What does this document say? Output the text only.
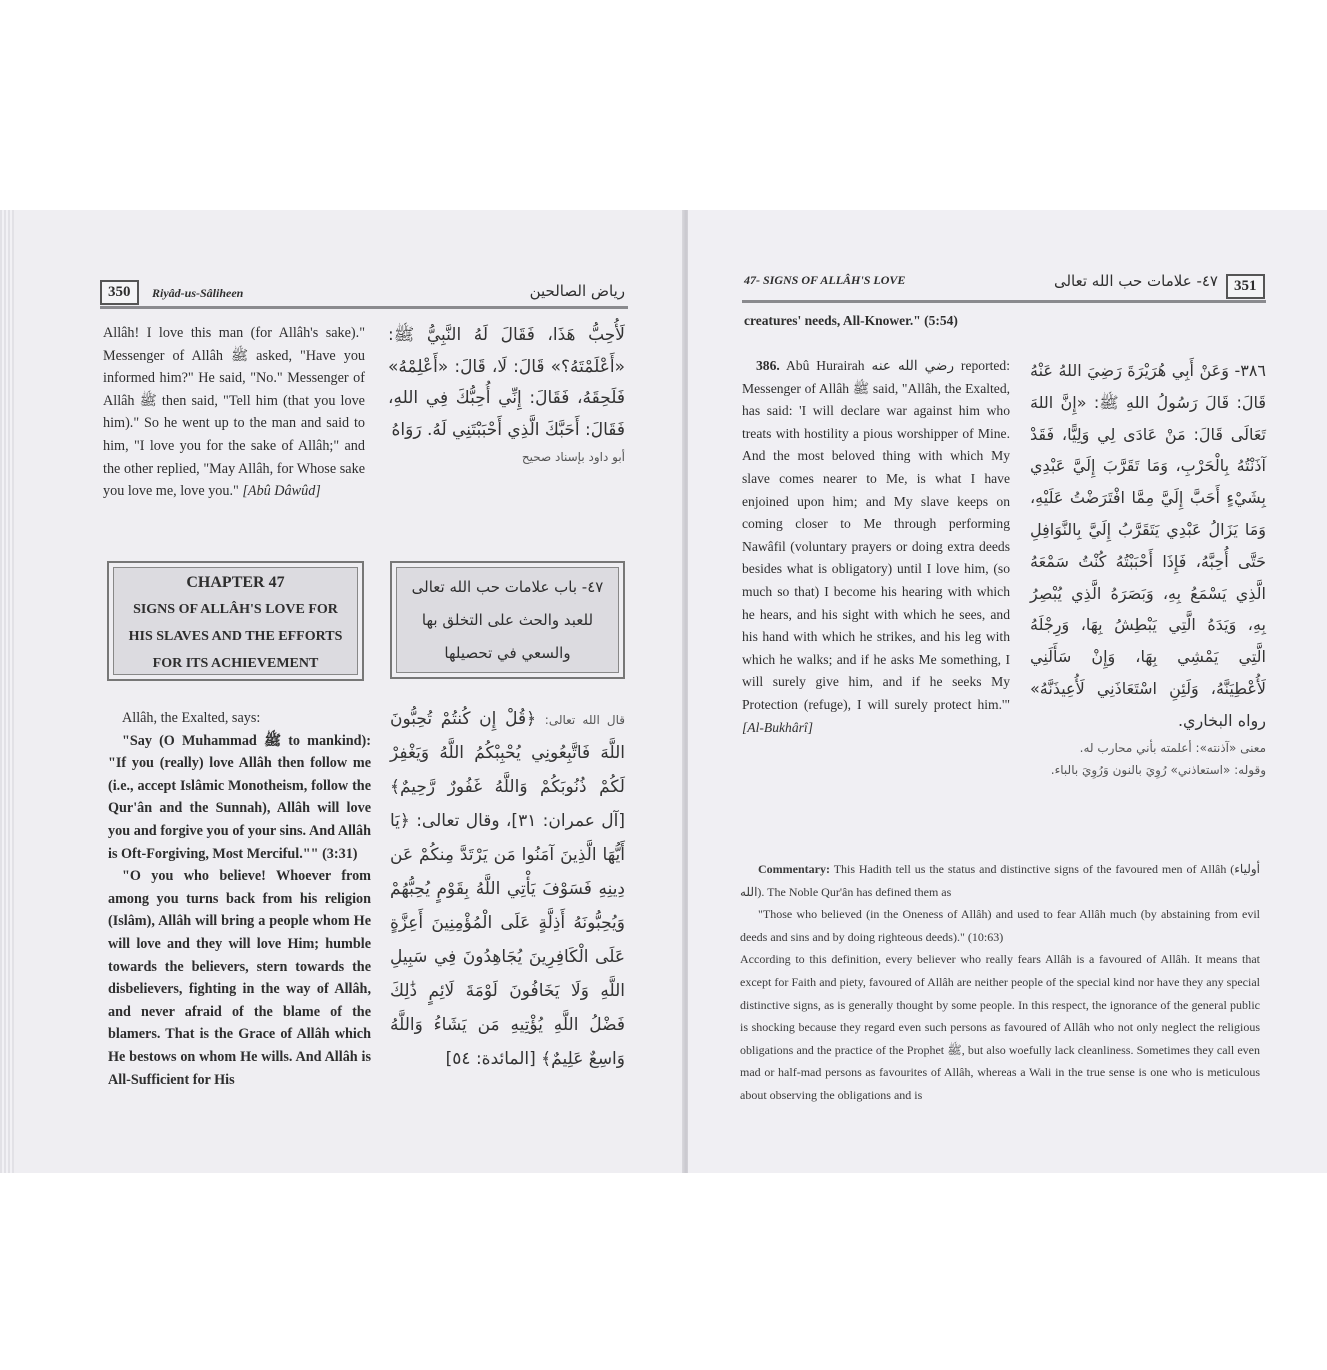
350	Riyâd-us-Sâliheen	رياض الصالحين

Allâh! I love this man (for Allâh's sake)." Messenger of Allâh ﷺ asked, "Have you informed him?" He said, "No." Messenger of Allâh ﷺ then said, "Tell him (that you love him)." So he went up to the man and said to him, "I love you for the sake of Allâh;" and the other replied, "May Allâh, for Whose sake you love me, love you." [Abû Dâwûd]

لَأُحِبُّ هَذَا، فَقَالَ لَهُ النَّبِيُّ ﷺ: «أَعْلَمْتَهُ؟» قَالَ: لَا، قَالَ: «أَعْلِمْهُ» فَلَحِقَهُ، فَقَالَ: إِنِّي أُحِبُّكَ فِي اللهِ، فَقَالَ: أَحَبَّكَ الَّذِي أَحْبَبْتَنِي لَهُ. رَوَاهُ

أبو داود بإسناد صحيح

CHAPTER 47
SIGNS OF ALLÂH'S LOVE FOR HIS SLAVES AND THE EFFORTS FOR ITS ACHIEVEMENT
٤٧- باب علامات حب الله تعالى للعبد والحث على التخلق بها والسعي في تحصيلها

Allâh, the Exalted, says:

"Say (O Muhammad ﷺ to mankind): "If you (really) love Allâh then follow me (i.e., accept Islâmic Monotheism, follow the Qur'ân and the Sunnah), Allâh will love you and forgive you of your sins. And Allâh is Oft-Forgiving, Most Merciful."" (3:31)

"O you who believe! Whoever from among you turns back from his religion (Islâm), Allâh will bring a people whom He will love and they will love Him; humble towards the believers, stern towards the disbelievers, fighting in the way of Allâh, and never afraid of the blame of the blamers. That is the Grace of Allâh which He bestows on whom He wills. And Allâh is All-Sufficient for His

قال الله تعالى: ﴿قُلْ إِن كُنتُمْ تُحِبُّونَ اللَّهَ فَاتَّبِعُونِي يُحْبِبْكُمُ اللَّهُ وَيَغْفِرْ لَكُمْ ذُنُوبَكُمْ وَاللَّهُ غَفُورٌ رَّحِيمٌ﴾ [آل عمران: ٣١]، وقال تعالى: ﴿يَا أَيُّهَا الَّذِينَ آمَنُوا مَن يَرْتَدَّ مِنكُمْ عَن دِينِهِ فَسَوْفَ يَأْتِي اللَّهُ بِقَوْمٍ يُحِبُّهُمْ وَيُحِبُّونَهُ أَذِلَّةٍ عَلَى الْمُؤْمِنِينَ أَعِزَّةٍ عَلَى الْكَافِرِينَ يُجَاهِدُونَ فِي سَبِيلِ اللَّهِ وَلَا يَخَافُونَ لَوْمَةَ لَائِمٍ ذَٰلِكَ فَضْلُ اللَّهِ يُؤْتِيهِ مَن يَشَاءُ وَاللَّهُ وَاسِعٌ عَلِيمٌ﴾ [المائدة: ٥٤]

47- SIGNS OF ALLÂH'S LOVE	٤٧- علامات حب الله تعالى	351
creatures' needs, All-Knower." (5:54)

386. Abû Hurairah رضي الله عنه reported: Messenger of Allâh ﷺ said, "Allâh, the Exalted, has said: 'I will declare war against him who treats with hostility a pious worshipper of Mine. And the most beloved thing with which My slave comes nearer to Me, is what I have enjoined upon him; and My slave keeps on coming closer to Me through performing Nawâfil (voluntary prayers or doing extra deeds besides what is obligatory) until I love him, (so much so that) I become his hearing with which he hears, and his sight with which he sees, and his hand with which he strikes, and his leg with which he walks; and if he asks Me something, I will surely give him, and if he seeks My Protection (refuge), I will surely protect him.'" [Al-Bukhârî]

٣٨٦- وَعَنْ أَبِي هُرَيْرَةَ رَضِيَ اللهُ عَنْهُ قَالَ: قَالَ رَسُولُ اللهِ ﷺ: «إِنَّ اللهَ تَعَالَى قَالَ: مَنْ عَادَى لِي وَلِيًّا، فَقَدْ آذَنْتُهُ بِالْحَرْبِ، وَمَا تَقَرَّبَ إِلَيَّ عَبْدِي بِشَيْءٍ أَحَبَّ إِلَيَّ مِمَّا افْتَرَضْتُ عَلَيْهِ، وَمَا يَزَالُ عَبْدِي يَتَقَرَّبُ إِلَيَّ بِالنَّوَافِلِ حَتَّى أُحِبَّهُ، فَإِذَا أَحْبَبْتُهُ كُنْتُ سَمْعَهُ الَّذِي يَسْمَعُ بِهِ، وَبَصَرَهُ الَّذِي يُبْصِرُ بِهِ، وَيَدَهُ الَّتِي يَبْطِشُ بِهَا، وَرِجْلَهُ الَّتِي يَمْشِي بِهَا، وَإِنْ سَأَلَنِي لَأُعْطِيَنَّهُ، وَلَئِنِ اسْتَعَاذَنِي لَأُعِيذَنَّهُ» رواه البخاري.

معنى «آذنته»: أعلمته بأني محارب له.

وقوله: «استعاذني» رُوِيَ بالنون وَرُوِيَ بالباء.

Commentary: This Hadith tell us the status and distinctive signs of the favoured men of Allâh (أولياء الله). The Noble Qur'ân has defined them as

"Those who believed (in the Oneness of Allâh) and used to fear Allâh much (by abstaining from evil deeds and sins and by doing righteous deeds)." (10:63)

According to this definition, every believer who really fears Allâh is a favoured of Allâh. It means that except for Faith and piety, favoured of Allâh are neither people of the special kind nor have they any special distinctive signs, as is generally thought by some people. In this respect, the ignorance of the general public is shocking because they regard even such persons as favoured of Allâh who not only neglect the religious obligations and the practice of the Prophet ﷺ, but also woefully lack cleanliness. Sometimes they call even mad or half-mad persons as favourites of Allâh, whereas a Wali in the true sense is one who is meticulous about observing the obligations and is
